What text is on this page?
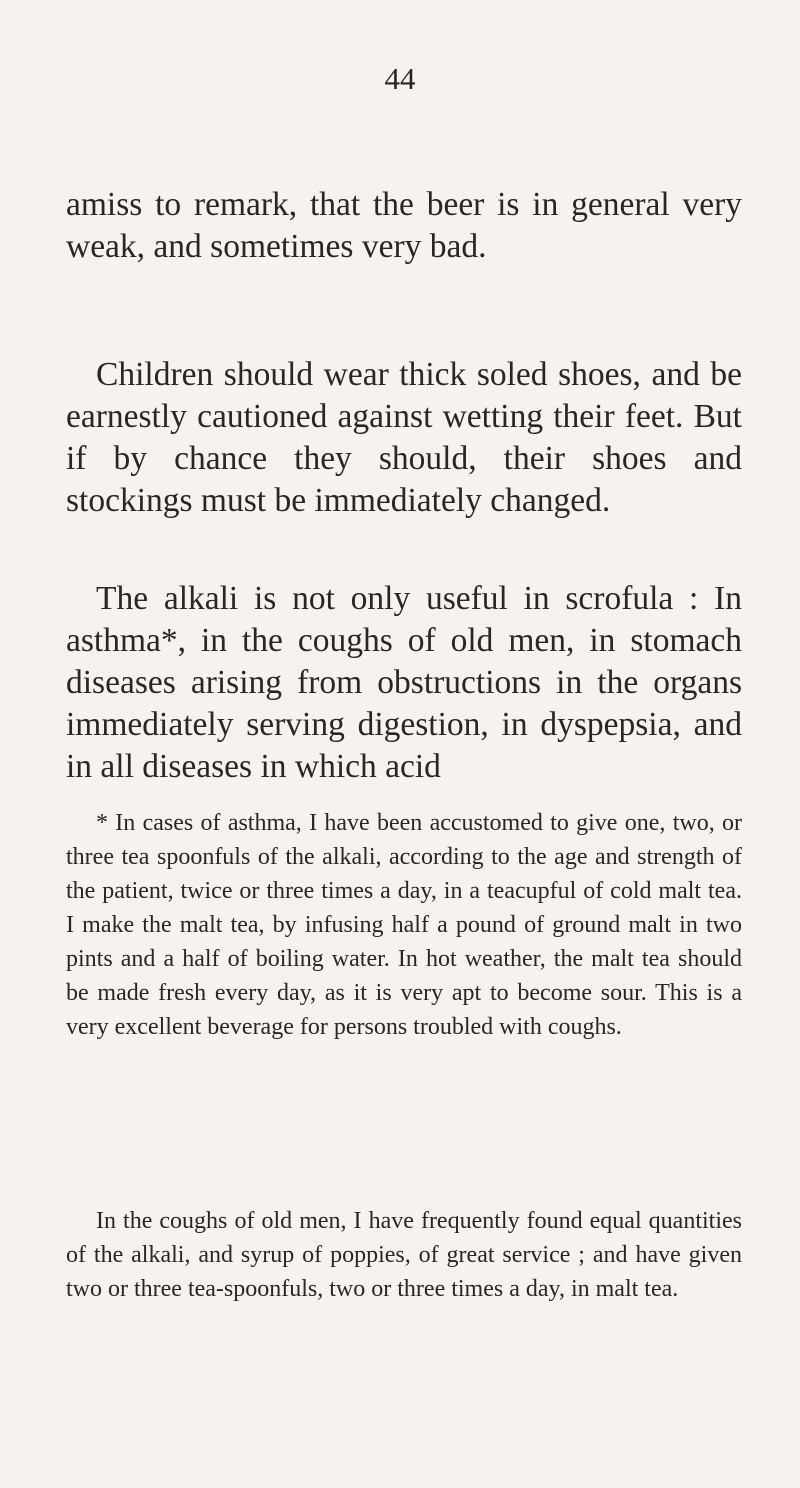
44

amiss to remark, that the beer is in general very weak, and sometimes very bad.

Children should wear thick soled shoes, and be earnestly cautioned against wetting their feet. But if by chance they should, their shoes and stockings must be immediately changed.

The alkali is not only useful in scrofula : In asthma*, in the coughs of old men, in stomach diseases arising from obstructions in the organs immediately serving digestion, in dyspepsia, and in all diseases in which acid

* In cases of asthma, I have been accustomed to give one, two, or three tea spoonfuls of the alkali, according to the age and strength of the patient, twice or three times a day, in a teacupful of cold malt tea. I make the malt tea, by infusing half a pound of ground malt in two pints and a half of boiling water. In hot weather, the malt tea should be made fresh every day, as it is very apt to become sour. This is a very excellent beverage for persons troubled with coughs.

In the coughs of old men, I have frequently found equal quantities of the alkali, and syrup of poppies, of great service ; and have given two or three tea-spoonfuls, two or three times a day, in malt tea.
